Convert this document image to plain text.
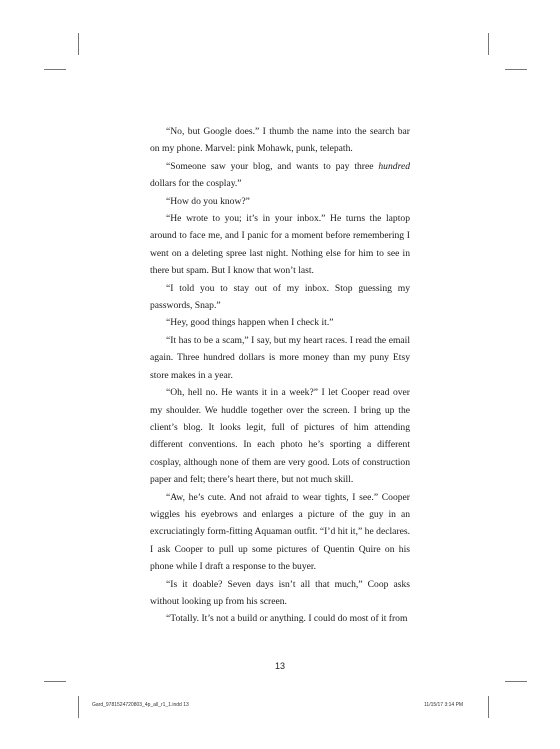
“No, but Google does.” I thumb the name into the search bar on my phone. Marvel: pink Mohawk, punk, telepath.

“Someone saw your blog, and wants to pay three hundred dollars for the cosplay.”

“How do you know?”

“He wrote to you; it’s in your inbox.” He turns the laptop around to face me, and I panic for a moment before remembering I went on a deleting spree last night. Nothing else for him to see in there but spam. But I know that won’t last.

“I told you to stay out of my inbox. Stop guessing my passwords, Snap.”

“Hey, good things happen when I check it.”

“It has to be a scam,” I say, but my heart races. I read the email again. Three hundred dollars is more money than my puny Etsy store makes in a year.

“Oh, hell no. He wants it in a week?” I let Cooper read over my shoulder. We huddle together over the screen. I bring up the client’s blog. It looks legit, full of pictures of him attending different conventions. In each photo he’s sporting a different cosplay, although none of them are very good. Lots of construction paper and felt; there’s heart there, but not much skill.

“Aw, he’s cute. And not afraid to wear tights, I see.” Cooper wiggles his eyebrows and enlarges a picture of the guy in an excruciatingly form-fitting Aquaman outfit. “I’d hit it,” he declares. I ask Cooper to pull up some pictures of Quentin Quire on his phone while I draft a response to the buyer.

“Is it doable? Seven days isn’t all that much,” Coop asks without looking up from his screen.

“Totally. It’s not a build or anything. I could do most of it from

13
Gard_9781524720803_4p_all_r1_1.indd 13	11/15/17 3:14 PM
